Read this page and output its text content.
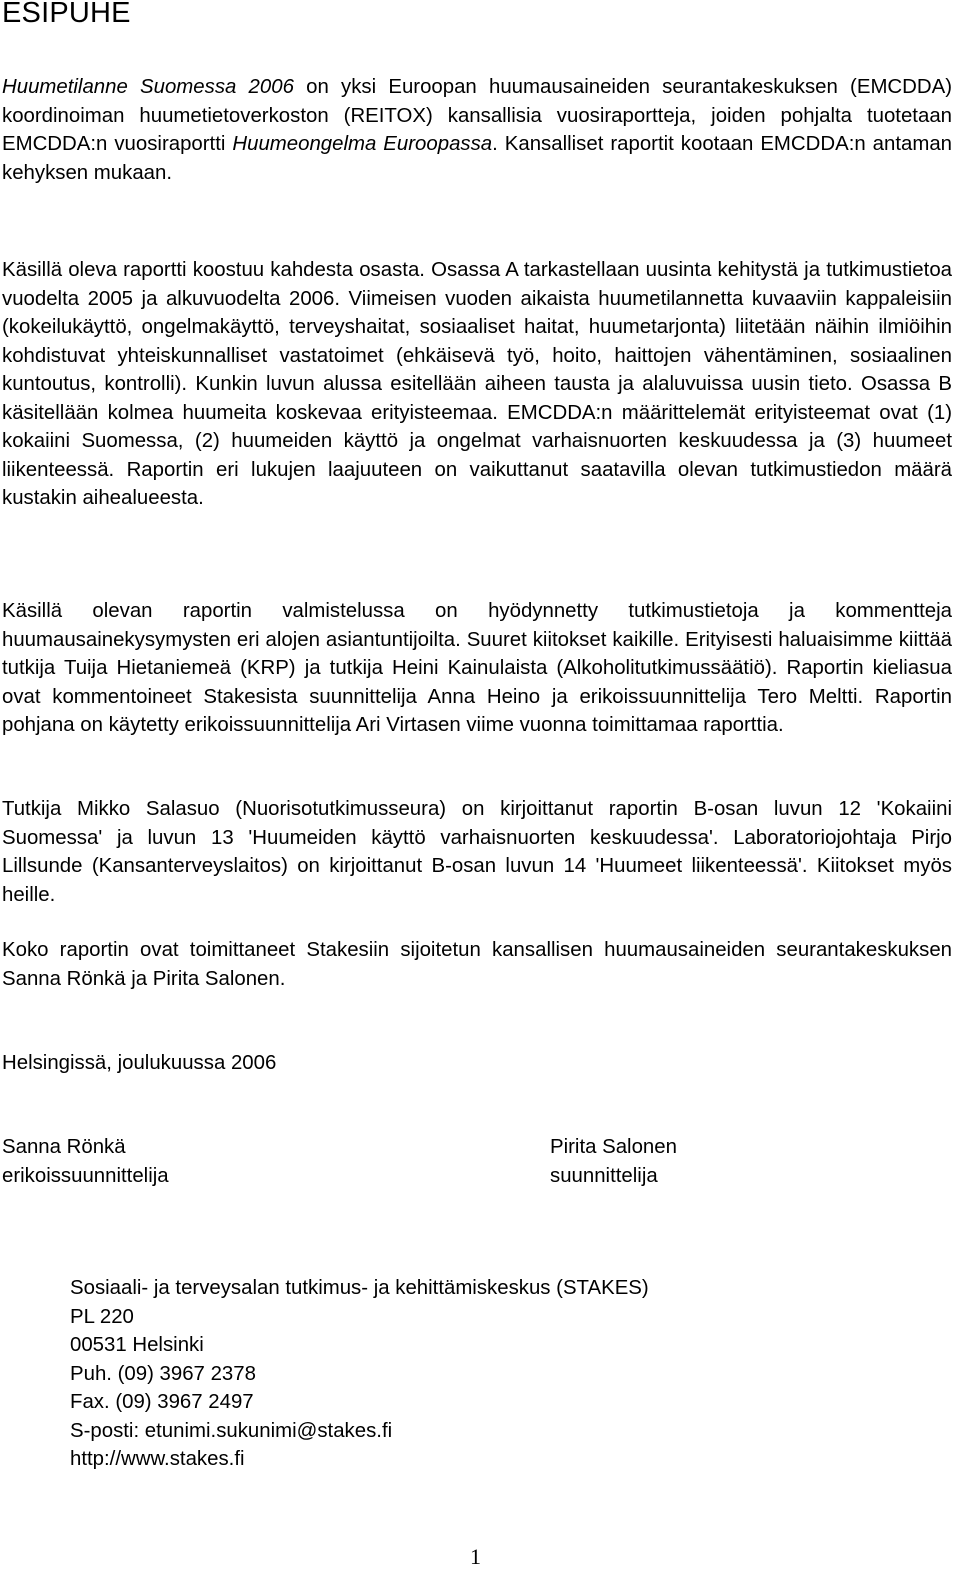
ESIPUHE

Huumetilanne Suomessa 2006 on yksi Euroopan huumausaineiden seurantakeskuksen (EMCDDA) koordinoiman huumetietoverkoston (REITOX) kansallisia vuosiraportteja, joiden pohjalta tuotetaan EMCDDA:n vuosiraportti Huumeongelma Euroopassa. Kansalliset raportit kootaan EMCDDA:n antaman kehyksen mukaan.

Käsillä oleva raportti koostuu kahdesta osasta. Osassa A tarkastellaan uusinta kehitystä ja tutkimustietoa vuodelta 2005 ja alkuvuodelta 2006. Viimeisen vuoden aikaista huumetilannetta kuvaaviin kappaleisiin (kokeilukäyttö, ongelmakäyttö, terveyshaitat, sosiaaliset haitat, huumetarjonta) liitetään näihin ilmiöihin kohdistuvat yhteiskunnalliset vastatoimet (ehkäisevä työ, hoito, haittojen vähentäminen, sosiaalinen kuntoutus, kontrolli). Kunkin luvun alussa esitellään aiheen tausta ja alaluvuissa uusin tieto. Osassa B käsitellään kolmea huumeita koskevaa erityisteemaa. EMCDDA:n määrittelemät erityisteemat ovat (1) kokaiini Suomessa, (2) huumeiden käyttö ja ongelmat varhaisnuorten keskuudessa ja (3) huumeet liikenteessä. Raportin eri lukujen laajuuteen on vaikuttanut saatavilla olevan tutkimustiedon määrä kustakin aihealueesta.

Käsillä olevan raportin valmistelussa on hyödynnetty tutkimustietoja ja kommentteja huumausainekysymysten eri alojen asiantuntijoilta. Suuret kiitokset kaikille. Erityisesti haluaisimme kiittää tutkija Tuija Hietaniemeä (KRP) ja tutkija Heini Kainulaista (Alkoholitutkimussäätiö). Raportin kieliasua ovat kommentoineet Stakesista suunnittelija Anna Heino ja erikoissuunnittelija Tero Meltti. Raportin pohjana on käytetty erikoissuunnittelija Ari Virtasen viime vuonna toimittamaa raporttia.

Tutkija Mikko Salasuo (Nuorisotutkimusseura) on kirjoittanut raportin B-osan luvun 12 'Kokaiini Suomessa' ja luvun 13 'Huumeiden käyttö varhaisnuorten keskuudessa'. Laboratoriojohtaja Pirjo Lillsunde (Kansanterveyslaitos) on kirjoittanut B-osan luvun 14 'Huumeet liikenteessä'. Kiitokset myös heille.

Koko raportin ovat toimittaneet Stakesiin sijoitetun kansallisen huumausaineiden seurantakeskuksen Sanna Rönkä ja Pirita Salonen.

Helsingissä, joulukuussa 2006

Sanna Rönkä
erikoissuunnittelija
Pirita Salonen
suunnittelija
Sosiaali- ja terveysalan tutkimus- ja kehittämiskeskus (STAKES)
PL 220
00531 Helsinki
Puh. (09) 3967 2378
Fax. (09) 3967 2497
S-posti: etunimi.sukunimi@stakes.fi
http://www.stakes.fi
1
